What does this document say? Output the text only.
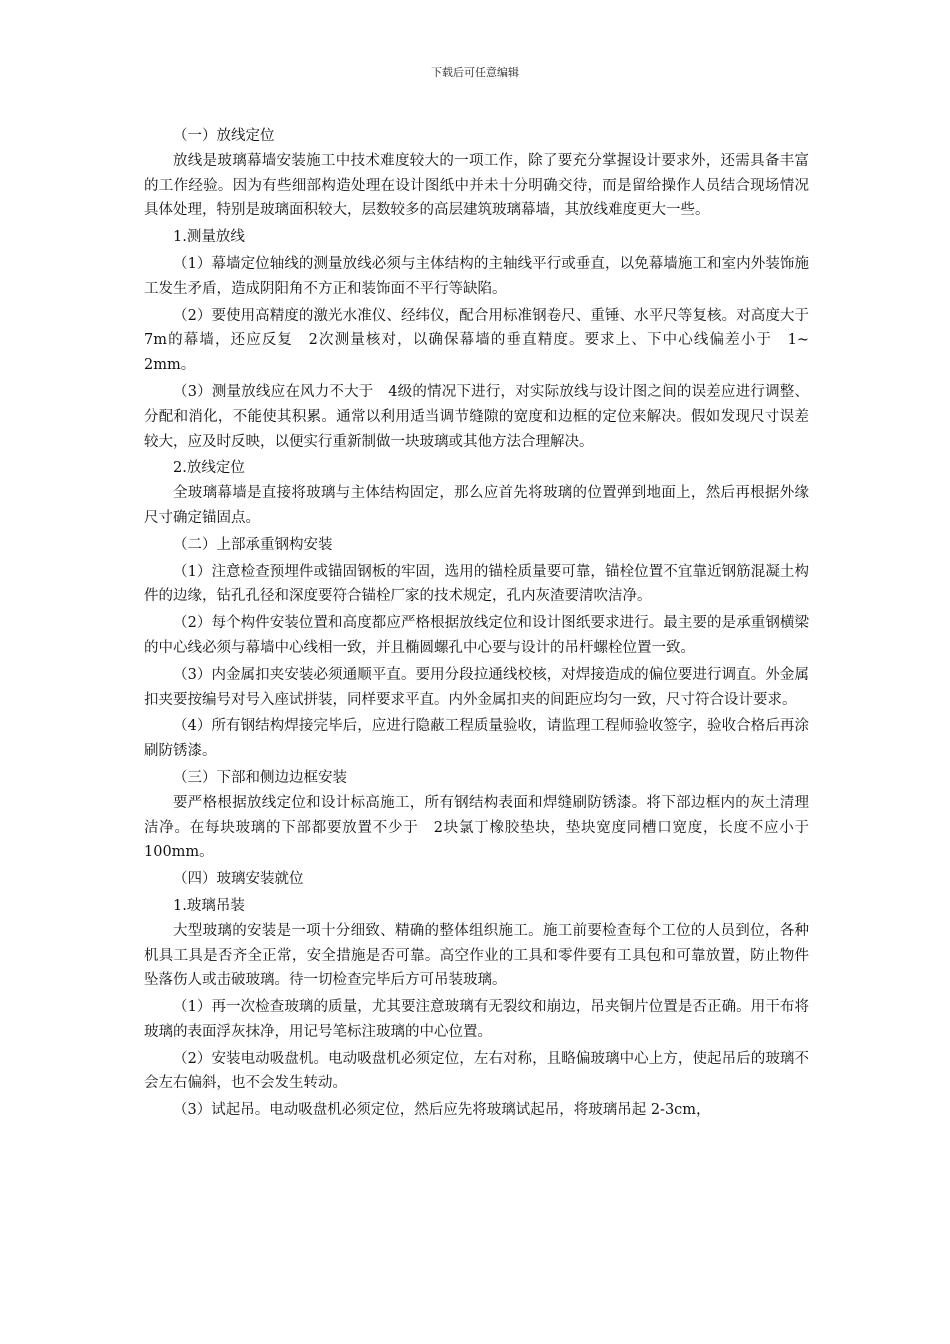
下载后可任意编辑

（一）放线定位

放线是玻璃幕墙安装施工中技术难度较大的一项工作，除了要充分掌握设计要求外，还需具备丰富的工作经验。因为有些细部构造处理在设计图纸中并未十分明确交待，而是留给操作人员结合现场情况具体处理，特别是玻璃面积较大，层数较多的高层建筑玻璃幕墙，其放线难度更大一些。

1.测量放线

（1）幕墙定位轴线的测量放线必须与主体结构的主轴线平行或垂直，以免幕墙施工和室内外装饰施工发生矛盾，造成阴阳角不方正和装饰面不平行等缺陷。

（2）要使用高精度的激光水准仪、经纬仪，配合用标准钢卷尺、重锤、水平尺等复核。对高度大于　7m的幕墙，还应反复　2次测量核对，以确保幕墙的垂直精度。要求上、下中心线偏差小于　1~　2mm。

（3）测量放线应在风力不大于　4级的情况下进行，对实际放线与设计图之间的误差应进行调整、分配和消化，不能使其积累。通常以利用适当调节缝隙的宽度和边框的定位来解决。假如发现尺寸误差较大，应及时反映，以便实行重新制做一块玻璃或其他方法合理解决。

2.放线定位

全玻璃幕墙是直接将玻璃与主体结构固定，那么应首先将玻璃的位置弹到地面上，然后再根据外缘尺寸确定锚固点。

（二）上部承重钢构安装

（1）注意检查预埋件或锚固钢板的牢固，选用的锚栓质量要可靠，锚栓位置不宜靠近钢筋混凝土构件的边缘，钻孔孔径和深度要符合锚栓厂家的技术规定，孔内灰渣要清吹洁净。

（2）每个构件安装位置和高度都应严格根据放线定位和设计图纸要求进行。最主要的是承重钢横梁的中心线必须与幕墙中心线相一致，并且椭圆螺孔中心要与设计的吊杆螺栓位置一致。

（3）内金属扣夹安装必须通顺平直。要用分段拉通线校核，对焊接造成的偏位要进行调直。外金属扣夹要按编号对号入座试拼装，同样要求平直。内外金属扣夹的间距应均匀一致，尺寸符合设计要求。

（4）所有钢结构焊接完毕后，应进行隐蔽工程质量验收，请监理工程师验收签字，验收合格后再涂刷防锈漆。

（三）下部和侧边边框安装

要严格根据放线定位和设计标高施工，所有钢结构表面和焊缝刷防锈漆。将下部边框内的灰土清理洁净。在每块玻璃的下部都要放置不少于　2块氯丁橡胶垫块，垫块宽度同槽口宽度，长度不应小于　100mm。

（四）玻璃安装就位

1.玻璃吊装

大型玻璃的安装是一项十分细致、精确的整体组织施工。施工前要检查每个工位的人员到位，各种机具工具是否齐全正常，安全措施是否可靠。高空作业的工具和零件要有工具包和可靠放置，防止物件坠落伤人或击破玻璃。待一切检查完毕后方可吊装玻璃。

（1）再一次检查玻璃的质量，尤其要注意玻璃有无裂纹和崩边，吊夹铜片位置是否正确。用干布将玻璃的表面浮灰抹净，用记号笔标注玻璃的中心位置。

（2）安装电动吸盘机。电动吸盘机必须定位，左右对称，且略偏玻璃中心上方，使起吊后的玻璃不会左右偏斜，也不会发生转动。

（3）试起吊。电动吸盘机必须定位，然后应先将玻璃试起吊，将玻璃吊起 2-3cm，
